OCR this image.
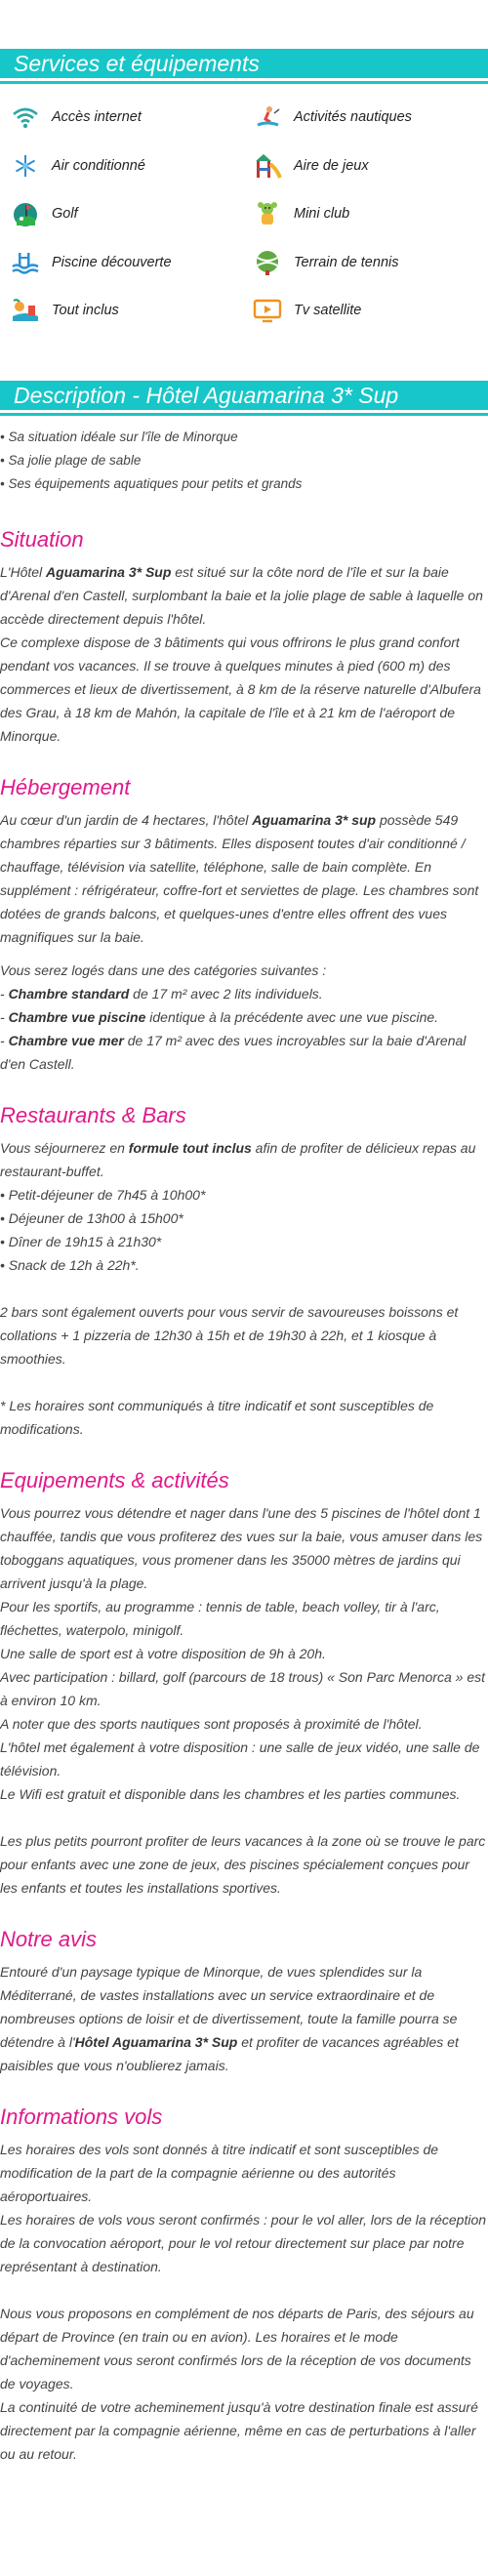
Services et équipements
Accès internet	Activités nautiques
Air conditionné	Aire de jeux
Golf	Mini club
Piscine découverte	Terrain de tennis
Tout inclus	Tv satellite
Description - Hôtel Aguamarina 3* Sup

• Sa situation idéale sur l'île de Minorque

• Sa jolie plage de sable

• Ses équipements aquatiques pour petits et grands

Situation

L'Hôtel Aguamarina 3* Sup est situé sur la côte nord de l'île et sur la baie d'Arenal d'en Castell, surplombant la baie et la jolie plage de sable à laquelle on accède directement depuis l'hôtel.

Ce complexe dispose de 3 bâtiments qui vous offrirons le plus grand confort pendant vos vacances. Il se trouve à quelques minutes à pied (600 m) des commerces et lieux de divertissement, à 8 km de la réserve naturelle d'Albufera des Grau, à 18 km de Mahón, la capitale de l'île et à 21 km de l'aéroport de Minorque.

Hébergement

Au cœur d'un jardin de 4 hectares, l'hôtel Aguamarina 3* sup possède 549 chambres réparties sur 3 bâtiments. Elles disposent toutes d'air conditionné / chauffage, télévision via satellite, téléphone, salle de bain complète. En supplément : réfrigérateur, coffre-fort et serviettes de plage. Les chambres sont dotées de grands balcons, et quelques-unes d'entre elles offrent des vues magnifiques sur la baie.

Vous serez logés dans une des catégories suivantes :

- Chambre standard de 17 m² avec 2 lits individuels.

- Chambre vue piscine identique à la précédente avec une vue piscine.

- Chambre vue mer de 17 m² avec des vues incroyables sur la baie d'Arenal d'en Castell.

Restaurants & Bars

Vous séjournerez en formule tout inclus afin de profiter de délicieux repas au restaurant-buffet.

• Petit-déjeuner de 7h45 à 10h00*

• Déjeuner de 13h00 à 15h00*

• Dîner de 19h15 à 21h30*

• Snack de 12h à 22h*.

2 bars sont également ouverts pour vous servir de savoureuses boissons et collations + 1 pizzeria de 12h30 à 15h et de 19h30 à 22h, et 1 kiosque à smoothies.

* Les horaires sont communiqués à titre indicatif et sont susceptibles de modifications.

Equipements & activités

Vous pourrez vous détendre et nager dans l'une des 5 piscines de l'hôtel dont 1 chauffée, tandis que vous profiterez des vues sur la baie, vous amuser dans les toboggans aquatiques, vous promener dans les 35000 mètres de jardins qui arrivent jusqu'à la plage.

Pour les sportifs, au programme : tennis de table, beach volley, tir à l'arc, fléchettes, waterpolo, minigolf.

Une salle de sport est à votre disposition de 9h à 20h.

Avec participation : billard, golf (parcours de 18 trous) « Son Parc Menorca » est à environ 10 km.

A noter que des sports nautiques sont proposés à proximité de l'hôtel.

L'hôtel met également à votre disposition : une salle de jeux vidéo, une salle de télévision.

Le Wifi est gratuit et disponible dans les chambres et les parties communes.

Les plus petits pourront profiter de leurs vacances à la zone où se trouve le parc pour enfants avec une zone de jeux, des piscines spécialement conçues pour les enfants et toutes les installations sportives.

Notre avis

Entouré d'un paysage typique de Minorque, de vues splendides sur la Méditerrané, de vastes installations avec un service extraordinaire et de nombreuses options de loisir et de divertissement, toute la famille pourra se détendre à l'Hôtel Aguamarina 3* Sup et profiter de vacances agréables et paisibles que vous n'oublierez jamais.

Informations vols

Les horaires des vols sont donnés à titre indicatif et sont susceptibles de modification de la part de la compagnie aérienne ou des autorités aéroportuaires.

Les horaires de vols vous seront confirmés : pour le vol aller, lors de la réception de la convocation aéroport, pour le vol retour directement sur place par notre représentant à destination.

Nous vous proposons en complément de nos départs de Paris, des séjours au départ de Province (en train ou en avion). Les horaires et le mode d'acheminement vous seront confirmés lors de la réception de vos documents de voyages.

La continuité de votre acheminement jusqu'à votre destination finale est assuré directement par la compagnie aérienne, même en cas de perturbations à l'aller ou au retour.
